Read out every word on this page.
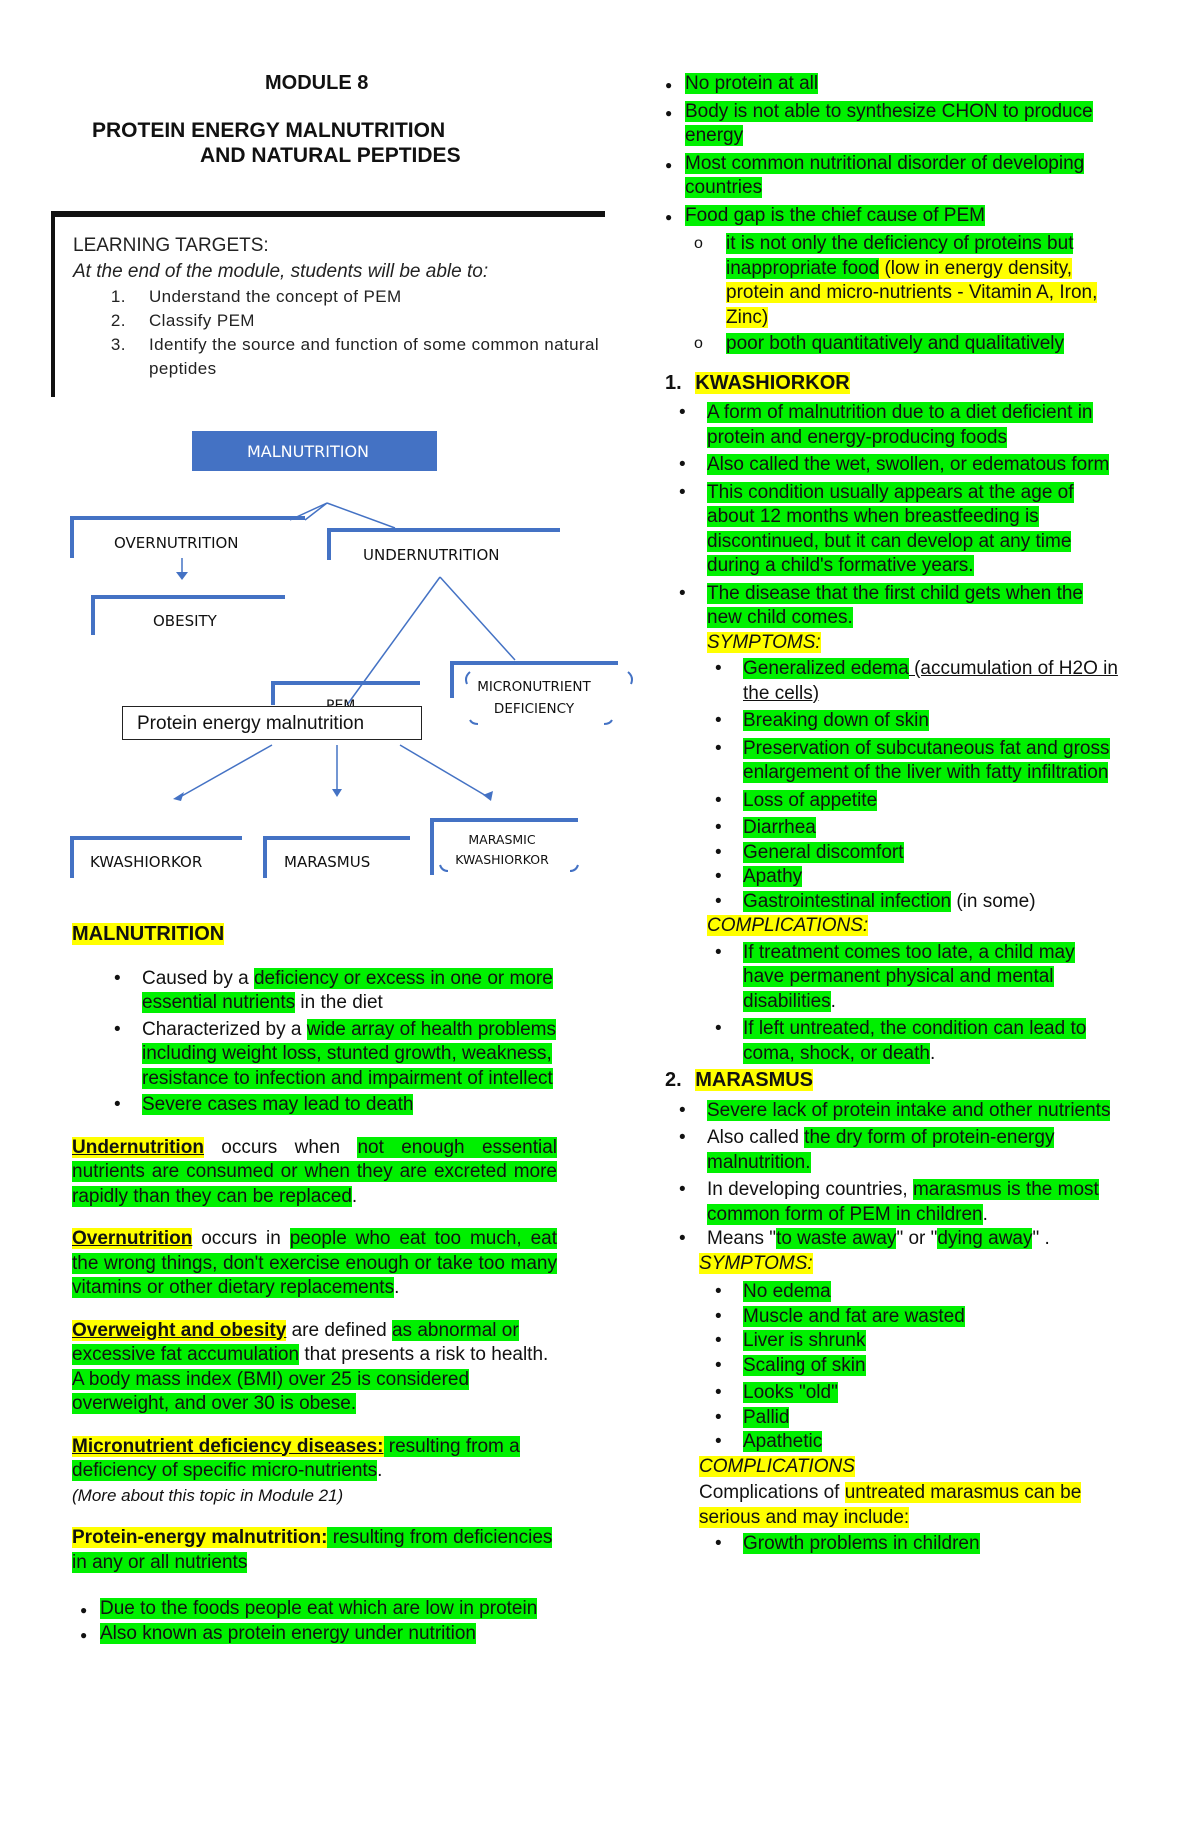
MODULE 8
PROTEIN ENERGY MALNUTRITION
AND NATURAL PEPTIDES
LEARNING TARGETS:
At the end of the module, students will be able to:
1. Understand the concept of PEM
2. Classify PEM
3. Identify the source and function of some common natural peptides
MALNUTRITION
OVERNUTRITION
UNDERNUTRITION
OBESITY
Protein energy malnutrition
MICRONUTRIENT DEFICIENCY
KWASHIORKOR	MARASMUS
MARASMIC KWASHIORKOR
MALNUTRITION
• Caused by a deficiency or excess in one or more essential nutrients in the diet
• Characterized by a wide array of health problems including weight loss, stunted growth, weakness, resistance to infection and impairment of intellect
• Severe cases may lead to death

Undernutrition occurs when not enough essential nutrients are consumed or when they are excreted more rapidly than they can be replaced.

Overnutrition occurs in people who eat too much, eat the wrong things, don't exercise enough or take too many vitamins or other dietary replacements.

Overweight and obesity are defined as abnormal or excessive fat accumulation that presents a risk to health. A body mass index (BMI) over 25 is considered overweight, and over 30 is obese.

Micronutrient deficiency diseases: resulting from a deficiency of specific micro-nutrients.
(More about this topic in Module 21)

Protein-energy malnutrition: resulting from deficiencies in any or all nutrients

● Due to the foods people eat which are low in protein
● Also known as protein energy under nutrition
● No protein at all
● Body is not able to synthesize CHON to produce energy
● Most common nutritional disorder of developing countries
● Food gap is the chief cause of PEM
o it is not only the deficiency of proteins but inappropriate food (low in energy density, protein and micro-nutrients - Vitamin A, Iron, Zinc)
o poor both quantitatively and qualitatively
1. KWASHIORKOR
• A form of malnutrition due to a diet deficient in protein and energy-producing foods
• Also called the wet, swollen, or edematous form
• This condition usually appears at the age of about 12 months when breastfeeding is discontinued, but it can develop at any time during a child's formative years.
• The disease that the first child gets when the new child comes.
SYMPTOMS:
• Generalized edema (accumulation of H2O in the cells)
• Breaking down of skin
• Preservation of subcutaneous fat and gross enlargement of the liver with fatty infiltration
• Loss of appetite
• Diarrhea
• General discomfort
• Apathy
• Gastrointestinal infection (in some)
COMPLICATIONS:
• If treatment comes too late, a child may have permanent physical and mental disabilities.
• If left untreated, the condition can lead to coma, shock, or death.
2. MARASMUS
• Severe lack of protein intake and other nutrients
• Also called the dry form of protein-energy malnutrition.
• In developing countries, marasmus is the most common form of PEM in children.
• Means "to waste away" or "dying away" .
SYMPTOMS:
• No edema
• Muscle and fat are wasted
• Liver is shrunk
• Scaling of skin
• Looks "old"
• Pallid
• Apathetic
COMPLICATIONS
Complications of untreated marasmus can be serious and may include:
• Growth problems in children
